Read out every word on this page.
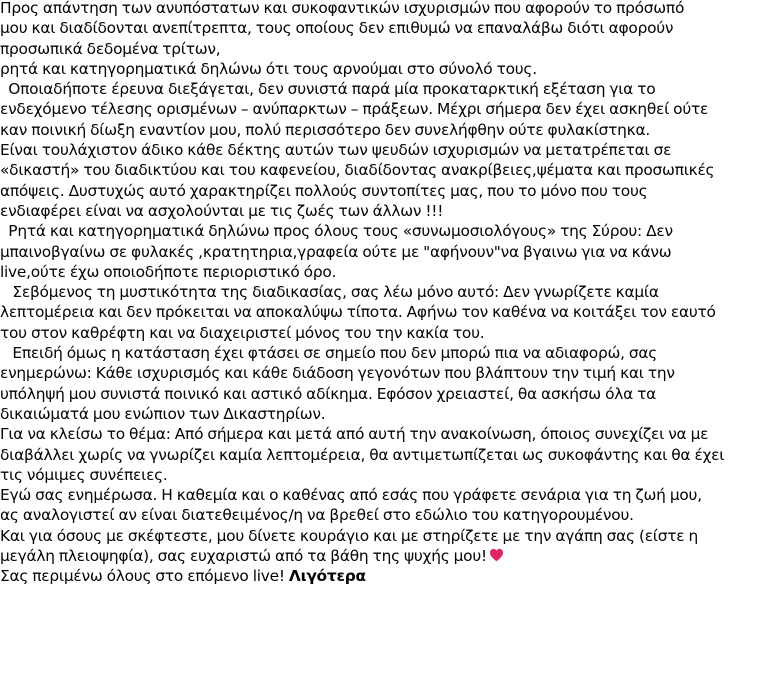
Προς απάντηση των ανυπόστατων και συκοφαντικών ισχυρισμών που αφορούν το πρόσωπό
μου και διαδίδονται ανεπίτρεπτα, τους οποίους δεν επιθυμώ να επαναλάβω διότι αφορούν
προσωπικά δεδομένα τρίτων,
ρητά και κατηγορηματικά δηλώνω ότι τους αρνούμαι στο σύνολό τους.
Οποιαδήποτε έρευνα διεξάγεται, δεν συνιστά παρά μία προκαταρκτική εξέταση για το
ενδεχόμενο τέλεσης ορισμένων – ανύπαρκτων – πράξεων. Μέχρι σήμερα δεν έχει ασκηθεί ούτε
καν ποινική δίωξη εναντίον μου, πολύ περισσότερο δεν συνελήφθην ούτε φυλακίστηκα.
Είναι τουλάχιστον άδικο κάθε δέκτης αυτών των ψευδών ισχυρισμών να μετατρέπεται σε
«δικαστή» του διαδικτύου και του καφενείου, διαδίδοντας ανακρίβειες,ψέματα και προσωπικές
απόψεις. Δυστυχώς αυτό χαρακτηρίζει πολλούς συντοπίτες μας, που το μόνο που τους
ενδιαφέρει είναι να ασχολούνται με τις ζωές των άλλων !!!
Ρητά και κατηγορηματικά δηλώνω προς όλους τους «συνωμοσιολόγους» της Σύρου: Δεν
μπαινοβγαίνω σε φυλακές ,κρατητηρια,γραφεία ούτε με "αφήνουν"να βγαινω για να κάνω
live,ούτε έχω οποιοδήποτε περιοριστικό όρο.
Σεβόμενος τη μυστικότητα της διαδικασίας, σας λέω μόνο αυτό: Δεν γνωρίζετε καμία
λεπτομέρεια και δεν πρόκειται να αποκαλύψω τίποτα. Αφήνω τον καθένα να κοιτάξει τον εαυτό
του στον καθρέφτη και να διαχειριστεί μόνος του την κακία του.
Επειδή όμως η κατάσταση έχει φτάσει σε σημείο που δεν μπορώ πια να αδιαφορώ, σας
ενημερώνω: Κάθε ισχυρισμός και κάθε διάδοση γεγονότων που βλάπτουν την τιμή και την
υπόληψή μου συνιστά ποινικό και αστικό αδίκημα. Εφόσον χρειαστεί, θα ασκήσω όλα τα
δικαιώματά μου ενώπιον των Δικαστηρίων.
Για να κλείσω το θέμα: Από σήμερα και μετά από αυτή την ανακοίνωση, όποιος συνεχίζει να με
διαβάλλει χωρίς να γνωρίζει καμία λεπτομέρεια, θα αντιμετωπίζεται ως συκοφάντης και θα έχει
τις νόμιμες συνέπειες.
Εγώ σας ενημέρωσα. Η καθεμία και ο καθένας από εσάς που γράφετε σενάρια για τη ζωή μου,
ας αναλογιστεί αν είναι διατεθειμένος/η να βρεθεί στο εδώλιο του κατηγορουμένου.
Και για όσους με σκέφτεστε, μου δίνετε κουράγιο και με στηρίζετε με την αγάπη σας (είστε η
μεγάλη πλειοψηφία), σας ευχαριστώ από τα βάθη της ψυχής μου!
Σας περιμένω όλους στο επόμενο live! Λιγότερα
